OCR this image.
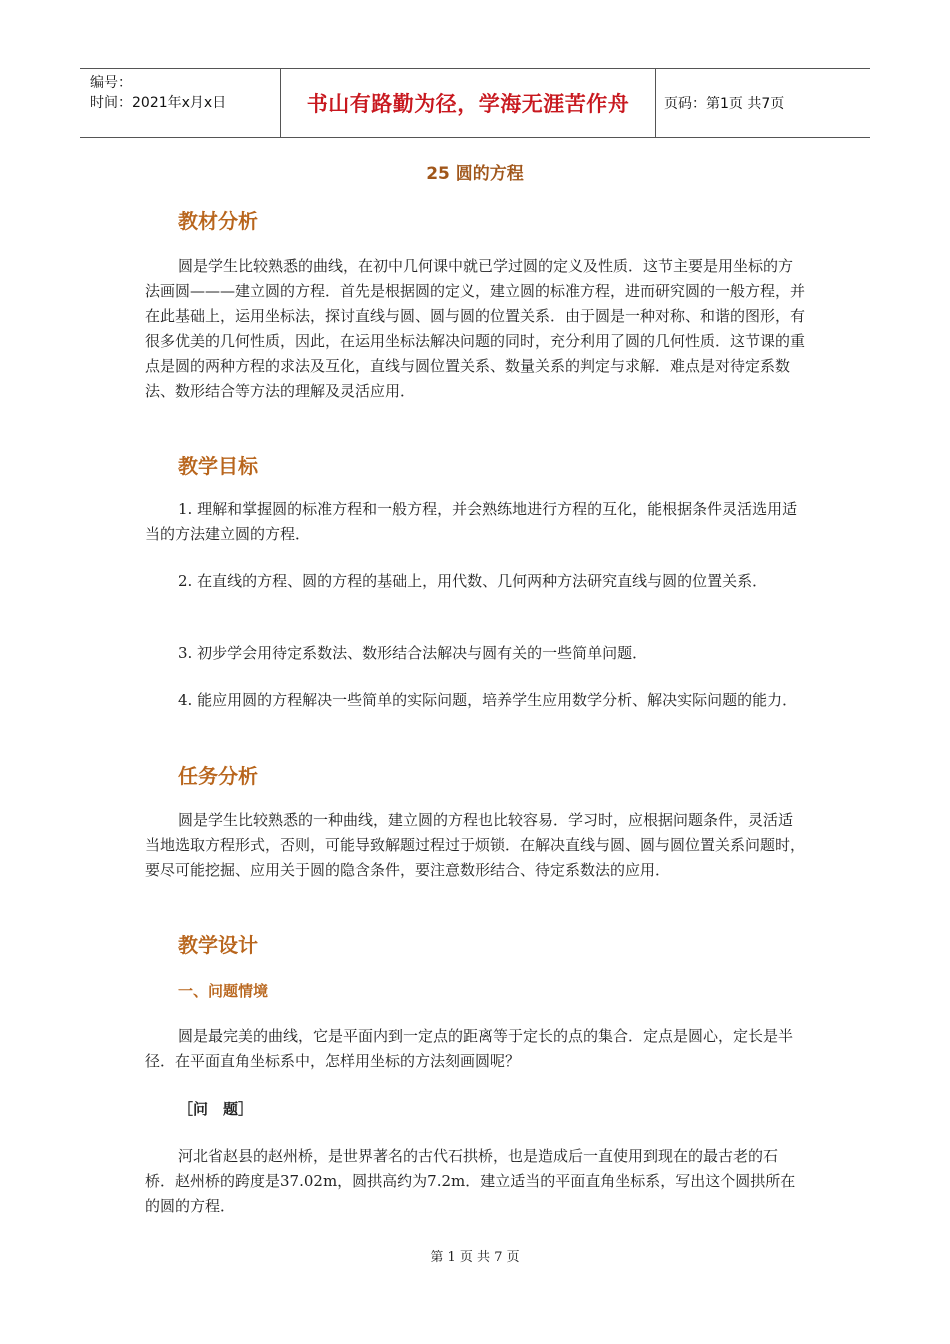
编号：
时间：2021年x月x日	书山有路勤为径，学海无涯苦作舟	页码：第1页 共7页
25 圆的方程
教材分析
圆是学生比较熟悉的曲线，在初中几何课中就已学过圆的定义及性质．这节主要是用坐标的方法画圆———建立圆的方程．首先是根据圆的定义，建立圆的标准方程，进而研究圆的一般方程，并在此基础上，运用坐标法，探讨直线与圆、圆与圆的位置关系．由于圆是一种对称、和谐的图形，有很多优美的几何性质，因此，在运用坐标法解决问题的同时，充分利用了圆的几何性质．这节课的重点是圆的两种方程的求法及互化，直线与圆位置关系、数量关系的判定与求解．难点是对待定系数法、数形结合等方法的理解及灵活应用．
教学目标
1. 理解和掌握圆的标准方程和一般方程，并会熟练地进行方程的互化，能根据条件灵活选用适当的方法建立圆的方程．
2. 在直线的方程、圆的方程的基础上，用代数、几何两种方法研究直线与圆的位置关系．
3. 初步学会用待定系数法、数形结合法解决与圆有关的一些简单问题．
4. 能应用圆的方程解决一些简单的实际问题，培养学生应用数学分析、解决实际问题的能力．
任务分析
圆是学生比较熟悉的一种曲线，建立圆的方程也比较容易．学习时，应根据问题条件，灵活适当地选取方程形式，否则，可能导致解题过程过于烦锁．在解决直线与圆、圆与圆位置关系问题时，要尽可能挖掘、应用关于圆的隐含条件，要注意数形结合、待定系数法的应用．
教学设计
一、问题情境
圆是最完美的曲线，它是平面内到一定点的距离等于定长的点的集合．定点是圆心，定长是半径．在平面直角坐标系中，怎样用坐标的方法刻画圆呢？
［问　题］
河北省赵县的赵州桥，是世界著名的古代石拱桥，也是造成后一直使用到现在的最古老的石桥．赵州桥的跨度是37.02m，圆拱高约为7.2m．建立适当的平面直角坐标系，写出这个圆拱所在的圆的方程．
第 1 页 共 7 页
